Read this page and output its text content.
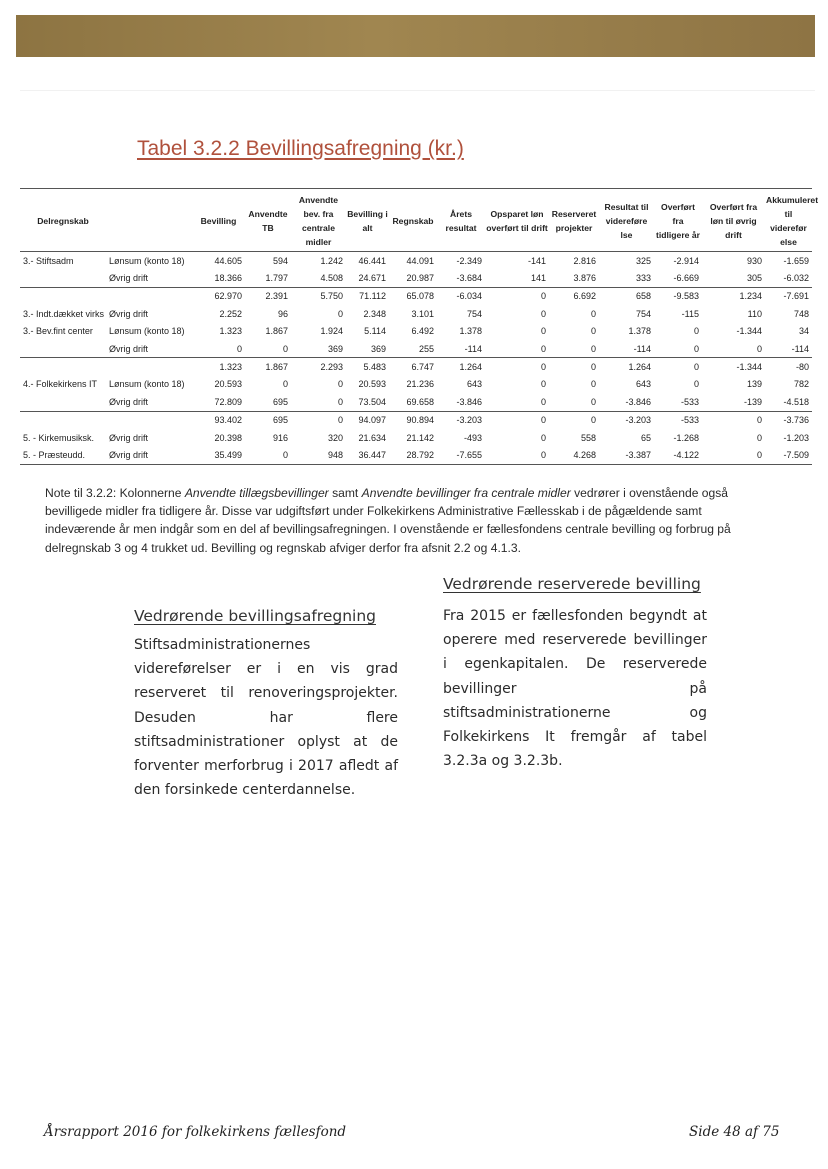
Tabel 3.2.2 Bevillingsafregning (kr.)
Delregnskab		Bevilling	Anvendte TB	Anvendte bev. fra centrale midler	Bevilling i alt	Regnskab	Årets resultat	Opsparet løn overført til drift	Reserveret projekter	Resultat til videreføre lse	Overført fra tidligere år	Overført fra løn til øvrig drift	Akkumuleret til viderefør else
3.- Stiftsadm	Lønsum (konto 18)	44.605	594	1.242	46.441	44.091	-2.349	-141	2.816	325	-2.914	930	-1.659
	Øvrig drift	18.366	1.797	4.508	24.671	20.987	-3.684	141	3.876	333	-6.669	305	-6.032
		62.970	2.391	5.750	71.112	65.078	-6.034	0	6.692	658	-9.583	1.234	-7.691
3.- Indt.dækket virks	Øvrig drift	2.252	96	0	2.348	3.101	754	0	0	754	-115	110	748
3.- Bev.fint center	Lønsum (konto 18)	1.323	1.867	1.924	5.114	6.492	1.378	0	0	1.378	0	-1.344	34
	Øvrig drift	0	0	369	369	255	-114	0	0	-114	0	0	-114
		1.323	1.867	2.293	5.483	6.747	1.264	0	0	1.264	0	-1.344	-80
4.- Folkekirkens IT	Lønsum (konto 18)	20.593	0	0	20.593	21.236	643	0	0	643	0	139	782
	Øvrig drift	72.809	695	0	73.504	69.658	-3.846	0	0	-3.846	-533	-139	-4.518
		93.402	695	0	94.097	90.894	-3.203	0	0	-3.203	-533	0	-3.736
5. - Kirkemusiksk.	Øvrig drift	20.398	916	320	21.634	21.142	-493	0	558	65	-1.268	0	-1.203
5. - Præsteudd.	Øvrig drift	35.499	0	948	36.447	28.792	-7.655	0	4.268	-3.387	-4.122	0	-7.509
Note til 3.2.2: Kolonnerne Anvendte tillægsbevillinger samt Anvendte bevillinger fra centrale midler vedrører i ovenstående også bevilligede midler fra tidligere år. Disse var udgiftsført under Folkekirkens Administrative Fællesskab i de pågældende samt indeværende år men indgår som en del af bevillingsafregningen. I ovenstående er fællesfondens centrale bevilling og forbrug på delregnskab 3 og 4 trukket ud. Bevilling og regnskab afviger derfor fra afsnit 2.2 og 4.1.3.
Vedrørende bevillingsafregning
Stiftsadministrationernes videreførelser er i en vis grad reserveret til renoveringsprojekter. Desuden har flere stiftsadministrationer oplyst at de forventer merforbrug i 2017 afledt af den forsinkede centerdannelse.
Vedrørende reserverede bevilling
Fra 2015 er fællesfonden begyndt at operere med reserverede bevillinger i egenkapitalen. De reserverede bevillinger på stiftsadministrationerne og Folkekirkens It fremgår af tabel 3.2.3a og 3.2.3b.
Årsrapport 2016 for folkekirkens fællesfond	Side 48 af 75
